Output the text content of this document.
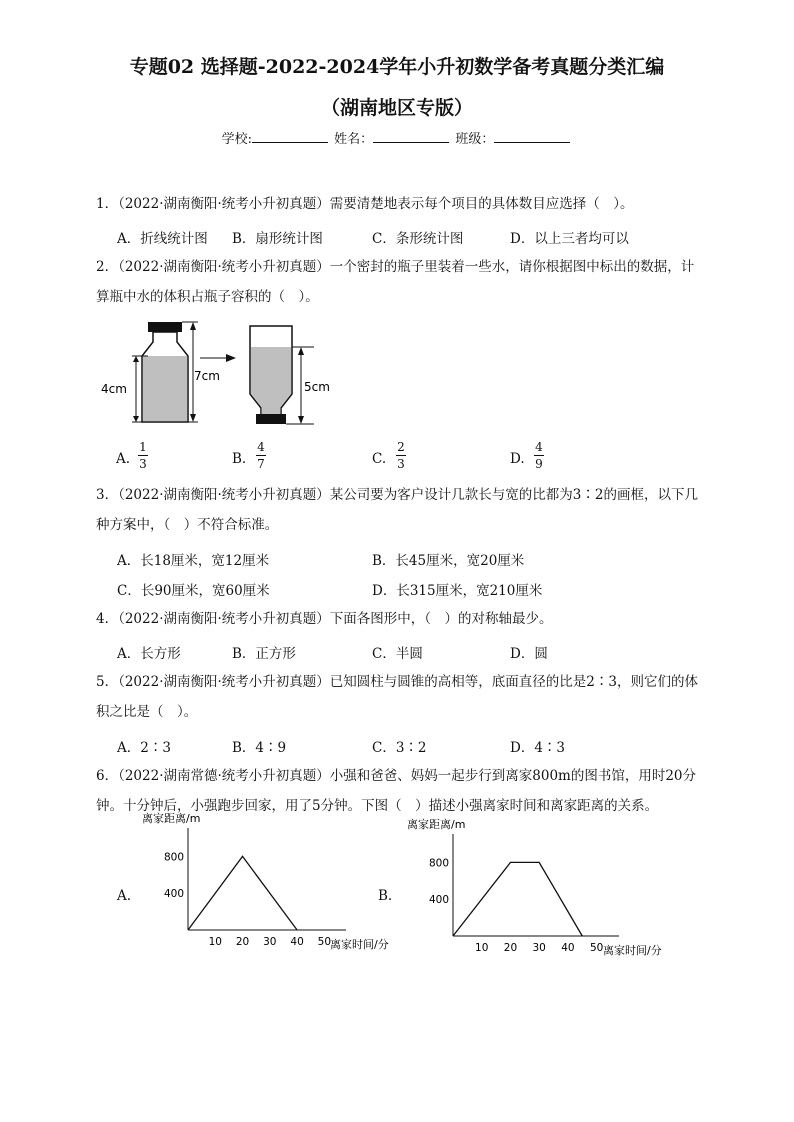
专题02 选择题-2022-2024学年小升初数学备考真题分类汇编
（湖南地区专版）
学校:	姓名：	班级：
1．（2022·湖南衡阳·统考小升初真题）需要清楚地表示每个项目的具体数目应选择（　）。
A．折线统计图 B．扇形统计图	C．条形统计图	D．以上三者均可以
2．（2022·湖南衡阳·统考小升初真题）一个密封的瓶子里装着一些水，请你根据图中标出的数据，计算瓶中水的体积占瓶子容积的（　）。
4cm
7cm
5cm
A.
1
3	B.
4
7	C.
2
3	D.
4
9
3．（2022·湖南衡阳·统考小升初真题）某公司要为客户设计几款长与宽的比都为3∶2的画框，以下几种方案中，（　）不符合标准。
A．长18厘米，宽12厘米	B．长45厘米，宽20厘米
C．长90厘米，宽60厘米	D．长315厘米，宽210厘米
4．（2022·湖南衡阳·统考小升初真题）下面各图形中，（　）的对称轴最少。
A．长方形	B．正方形	C．半圆	D．圆
5．（2022·湖南衡阳·统考小升初真题）已知圆柱与圆锥的高相等，底面直径的比是2∶3，则它们的体积之比是（　）。
A．2∶3	B．4∶9	C．3∶2	D．4∶3
6．（2022·湖南常德·统考小升初真题）小强和爸爸、妈妈一起步行到离家800m的图书馆，用时20分钟。十分钟后，小强跑步回家，用了5分钟。下图（　）描述小强离家时间和离家距离的关系。
A.	B.
离家距离/m
离家时间/分
10 20 30 40 50
400
800
离家距离/m
离家时间/分
10 20 30 40 50
400
800
